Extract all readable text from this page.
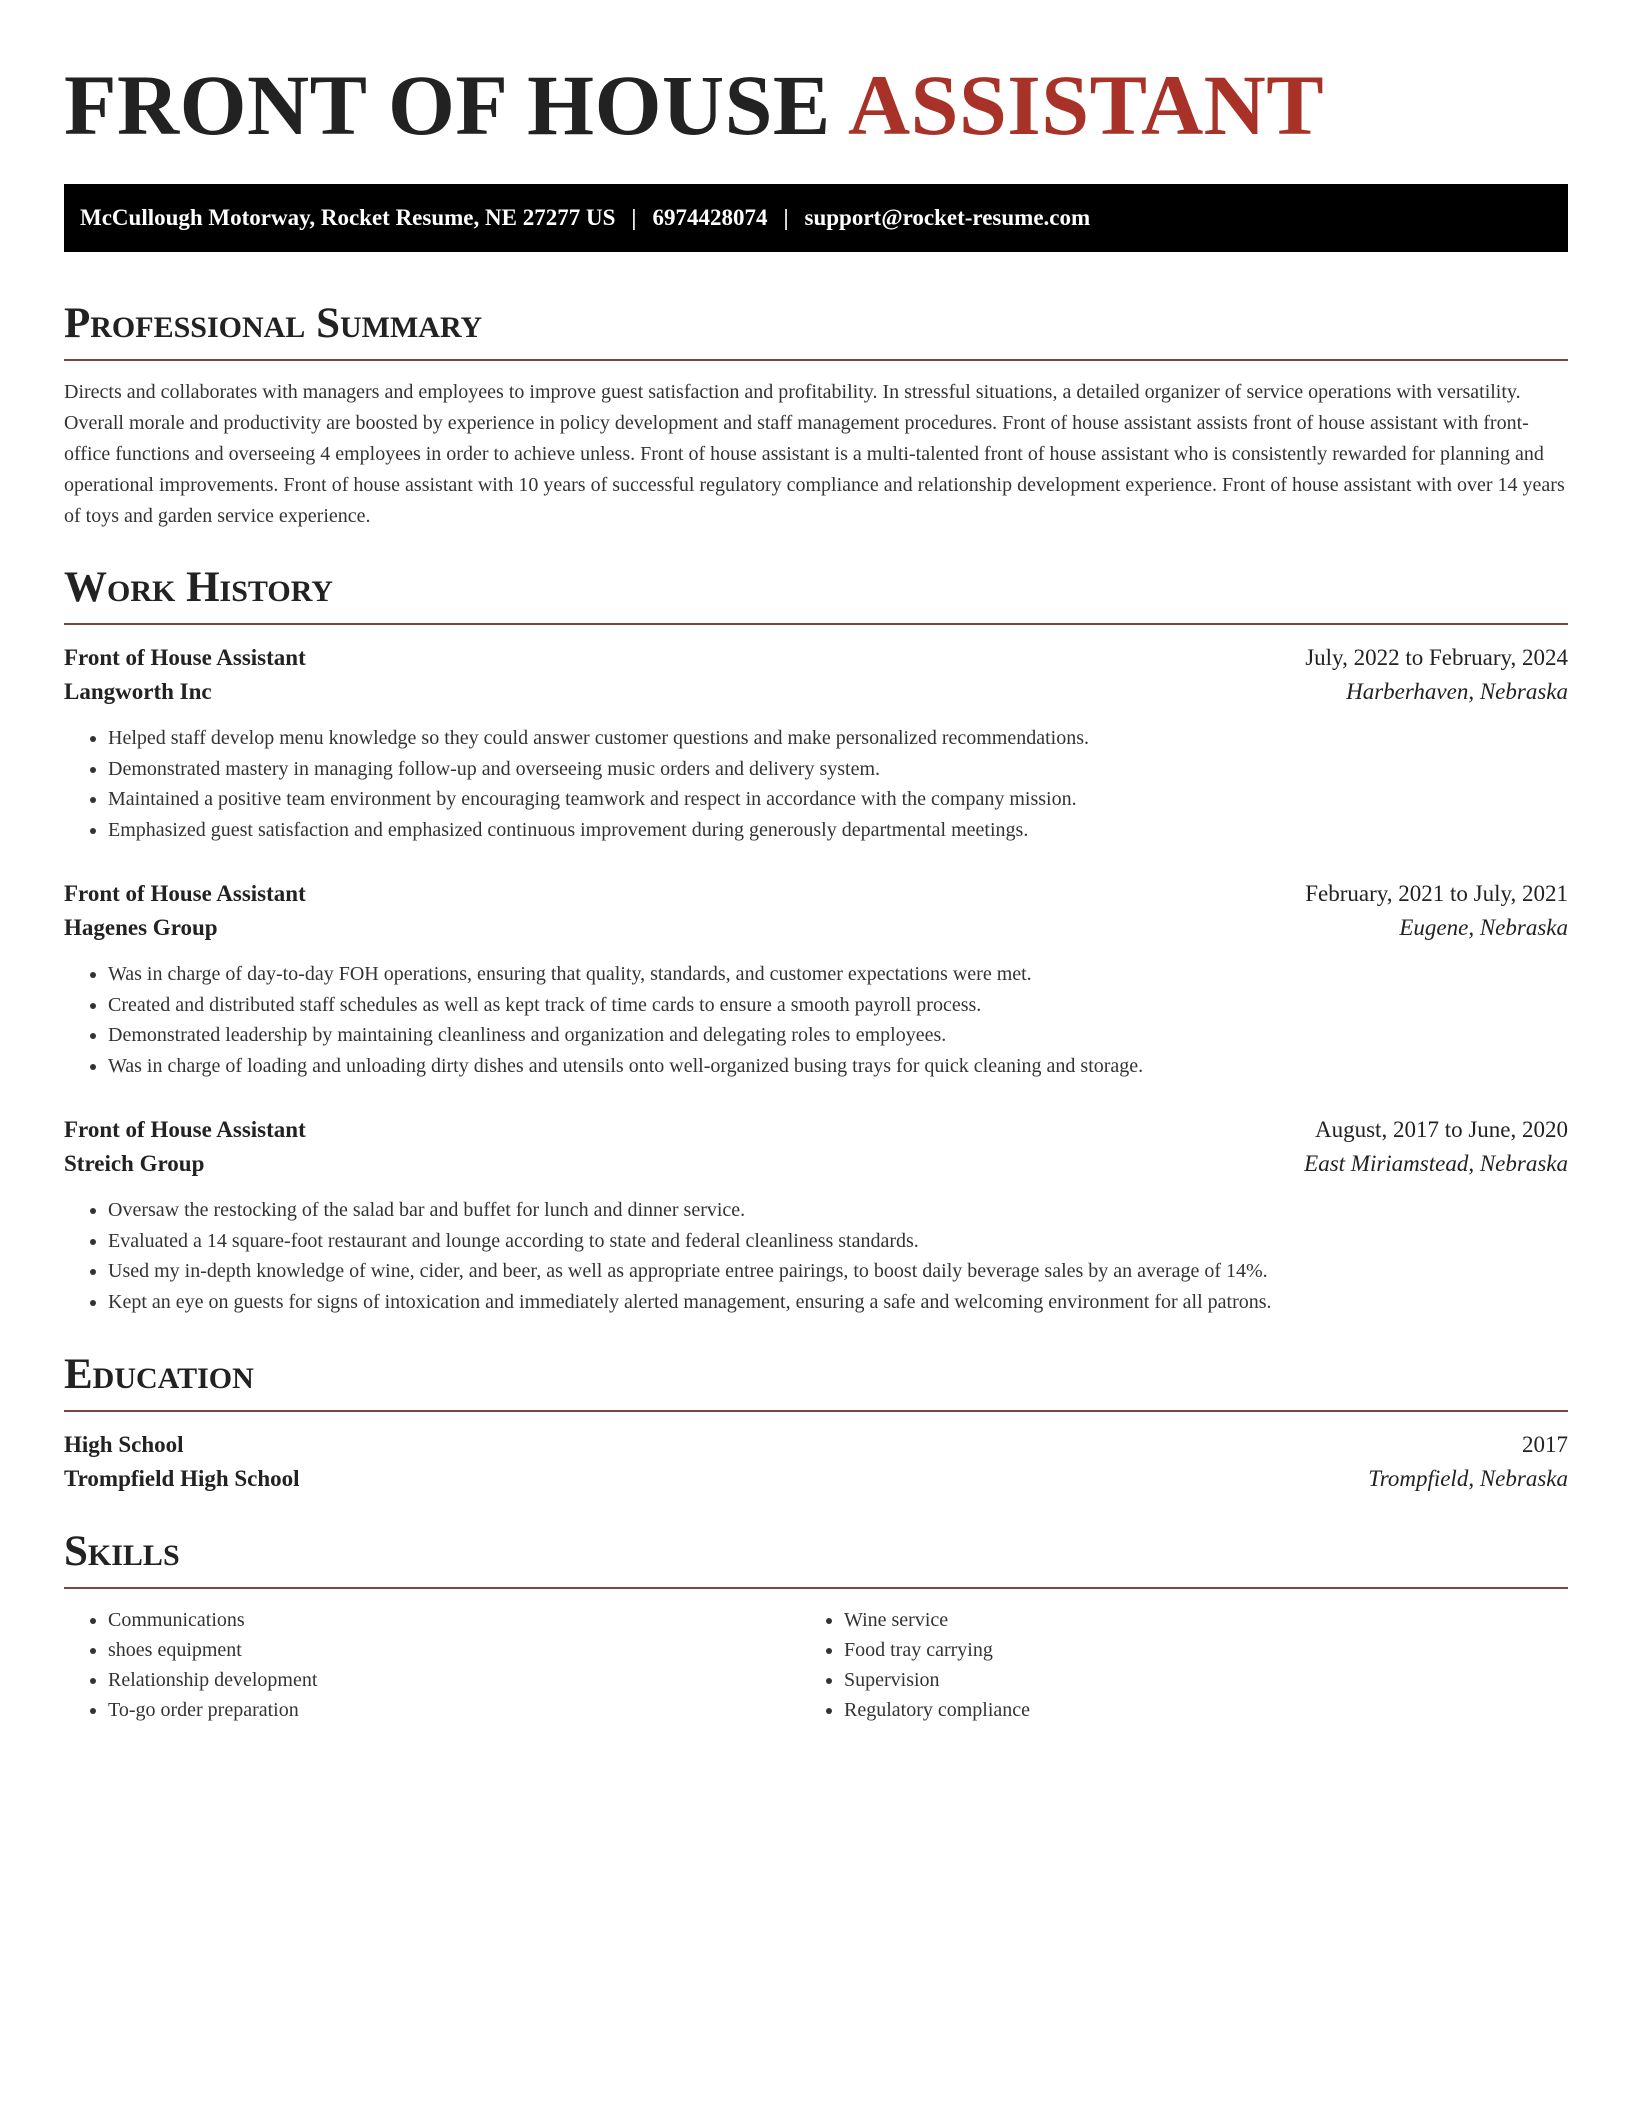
FRONT OF HOUSE ASSISTANT
McCullough Motorway, Rocket Resume, NE 27277 US | 6974428074 | support@rocket-resume.com
Professional Summary

Directs and collaborates with managers and employees to improve guest satisfaction and profitability. In stressful situations, a detailed organizer of service operations with versatility. Overall morale and productivity are boosted by experience in policy development and staff management procedures. Front of house assistant assists front of house assistant with front-office functions and overseeing 4 employees in order to achieve unless. Front of house assistant is a multi-talented front of house assistant who is consistently rewarded for planning and operational improvements. Front of house assistant with 10 years of successful regulatory compliance and relationship development experience. Front of house assistant with over 14 years of toys and garden service experience.

Work History
Front of House Assistant	July, 2022 to February, 2024
Langworth Inc	Harberhaven, Nebraska
• Helped staff develop menu knowledge so they could answer customer questions and make personalized recommendations.
• Demonstrated mastery in managing follow-up and overseeing music orders and delivery system.
• Maintained a positive team environment by encouraging teamwork and respect in accordance with the company mission.
• Emphasized guest satisfaction and emphasized continuous improvement during generously departmental meetings.
Front of House Assistant	February, 2021 to July, 2021
Hagenes Group	Eugene, Nebraska
• Was in charge of day-to-day FOH operations, ensuring that quality, standards, and customer expectations were met.
• Created and distributed staff schedules as well as kept track of time cards to ensure a smooth payroll process.
• Demonstrated leadership by maintaining cleanliness and organization and delegating roles to employees.
• Was in charge of loading and unloading dirty dishes and utensils onto well-organized busing trays for quick cleaning and storage.
Front of House Assistant	August, 2017 to June, 2020
Streich Group	East Miriamstead, Nebraska
• Oversaw the restocking of the salad bar and buffet for lunch and dinner service.
• Evaluated a 14 square-foot restaurant and lounge according to state and federal cleanliness standards.
• Used my in-depth knowledge of wine, cider, and beer, as well as appropriate entree pairings, to boost daily beverage sales by an average of 14%.
• Kept an eye on guests for signs of intoxication and immediately alerted management, ensuring a safe and welcoming environment for all patrons.
Education
High School	2017
Trompfield High School	Trompfield, Nebraska
Skills
• Communications
• shoes equipment
• Relationship development
• To-go order preparation
• Wine service
• Food tray carrying
• Supervision
• Regulatory compliance
